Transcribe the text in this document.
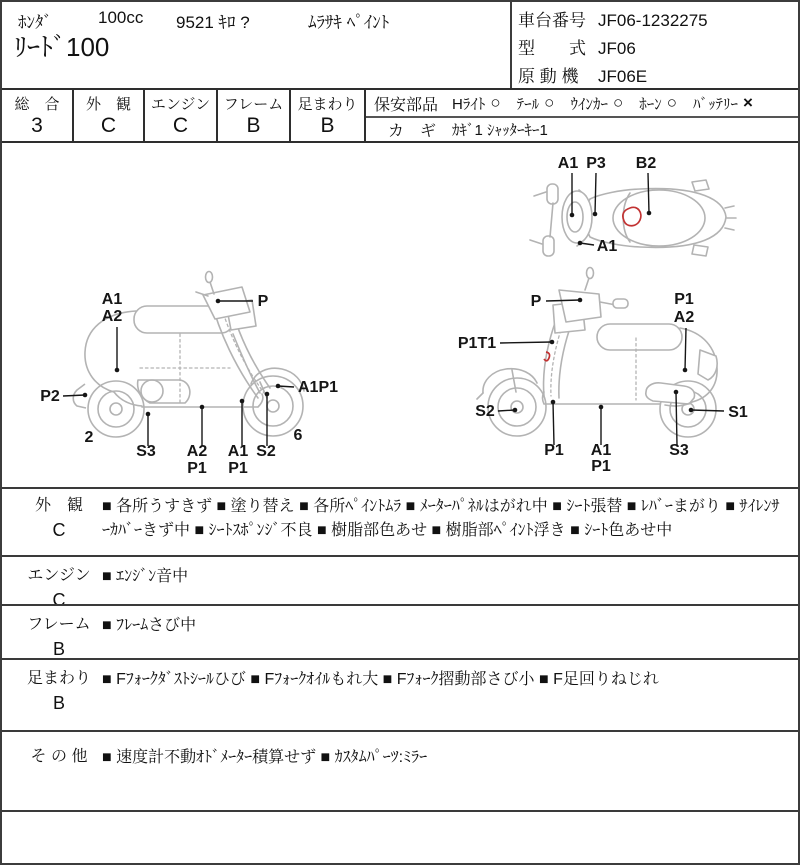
ﾎﾝﾀﾞ	100cc 9521 ｷﾛ ?	ﾑﾗｻｷ ﾍﾟｲﾝﾄ
ﾘｰﾄﾞ100
車台番号 JF06-1232275
型　　式 JF06
原 動 機 JF06E
総　合
3
外　観
C
エンジン
C
フレーム
B
足まわり
B
保安部品 Hﾗｲﾄ ○ ﾃｰﾙ ○ ｳｲﾝｶｰ ○ ﾎｰﾝ ○ ﾊﾞｯﾃﾘｰ ×
カ　ギ ｶｷﾞ1 ｼｬｯﾀｰｷｰ1
A1 P3 B2
A1
A1
A2
P
P2
A1P1
2
S3 A2
P1
A1
P1
S2
6
P
P1T1
P1
A2
S2	S1
P1 A1
P1
S3
外　観
C
■ 各所うすきず ■ 塗り替え ■ 各所ﾍﾟｲﾝﾄﾑﾗ ■ ﾒｰﾀｰﾊﾟﾈﾙはがれ中 ■ ｼｰﾄ張替 ■ ﾚﾊﾞｰまがり ■ ｻｲﾚﾝｻｰｶﾊﾞｰきず中 ■ ｼｰﾄｽﾎﾟﾝｼﾞ不良 ■ 樹脂部色あせ ■ 樹脂部ﾍﾟｲﾝﾄ浮き ■ ｼｰﾄ色あせ中
エンジン
C
■ ｴﾝｼﾞﾝ音中
フレーム
B
■ ﾌﾚｰﾑさび中
足まわり
B
■ Fﾌｫｰｸﾀﾞｽﾄｼｰﾙひび ■ Fﾌｫｰｸｵｲﾙもれ大 ■ Fﾌｫｰｸ摺動部さび小 ■ F足回りねじれ
そ の 他 ■ 速度計不動ｵﾄﾞﾒｰﾀｰ積算せず ■ ｶｽﾀﾑﾊﾟｰﾂ:ﾐﾗｰ
